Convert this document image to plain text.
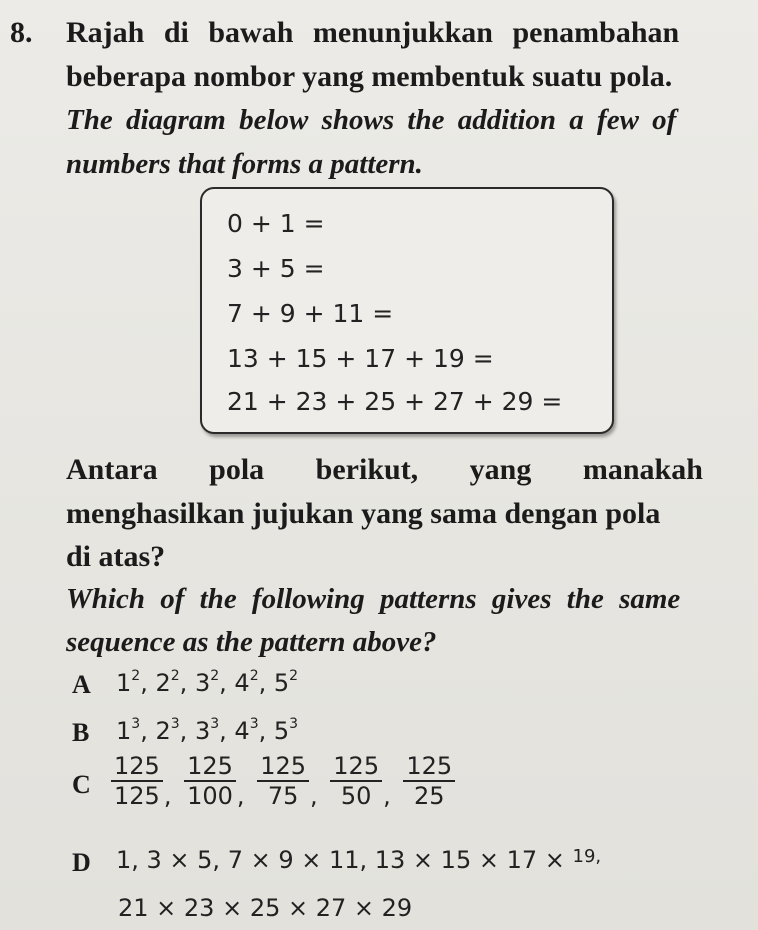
8. Rajah di bawah menunjukkan penambahan
beberapa nombor yang membentuk suatu pola.
The diagram below shows the addition a few of
numbers that forms a pattern.
0 + 1 =
3 + 5 =
7 + 9 + 11 =
13 + 15 + 17 + 19 =
21 + 23 + 25 + 27 + 29 =
Antara pola berikut, yang manakah
menghasilkan jujukan yang sama dengan pola
di atas?
Which of the following patterns gives the same
sequence as the pattern above?
A $1^2$, $2^2$, $3^2$, $4^2$, $5^2$
B $1^3$, $2^3$, $3^3$, $4^3$, $5^3$
C $\frac{125}{125}$ , $\frac{125}{100}$ , $\frac{125}{75}$ , $\frac{125}{50}$ , $\frac{125}{25}$
D 1, 3 × 5, 7 × 9 × 11, 13 × 15 × 17 × $^{19,}$
21 × 23 × 25 × 27 × 29
